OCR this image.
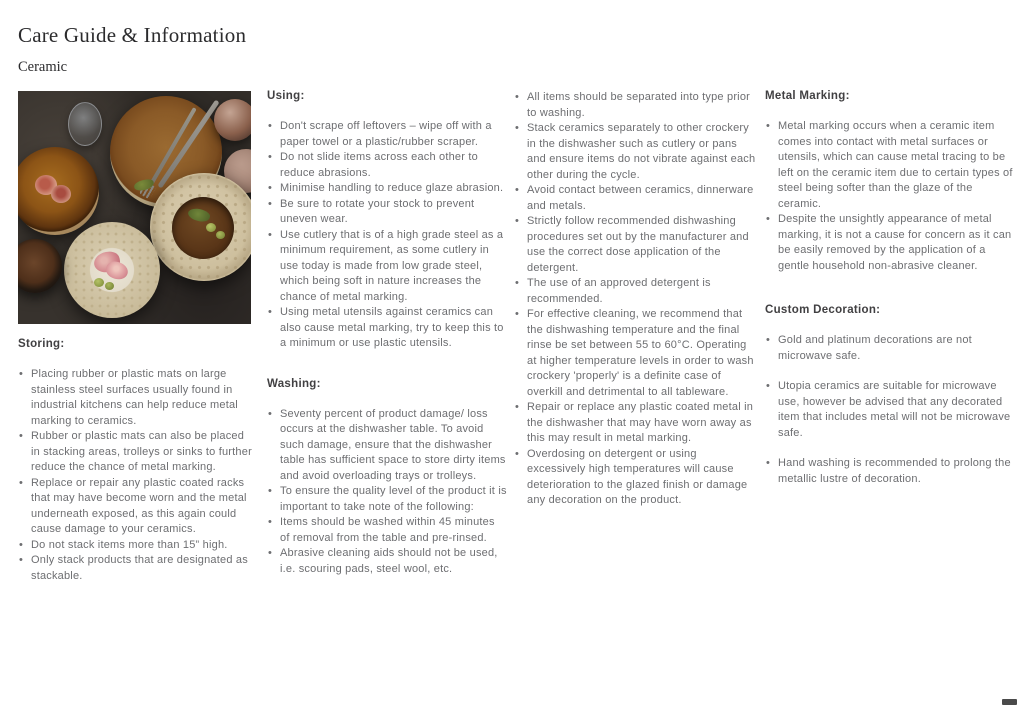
Care Guide & Information
Ceramic
Storing:
• Placing rubber or plastic mats on large stainless steel surfaces usually found in industrial kitchens can help reduce metal marking to ceramics.
• Rubber or plastic mats can also be placed in stacking areas, trolleys or sinks to further reduce the chance of metal marking.
• Replace or repair any plastic coated racks that may have become worn and the metal underneath exposed, as this again could cause damage to your ceramics.
• Do not stack items more than 15” high.
• Only stack products that are designated as stackable.
Using:
• Don't scrape off leftovers – wipe off with a paper towel or a plastic/rubber scraper.
• Do not slide items across each other to reduce abrasions.
• Minimise handling to reduce glaze abrasion.
• Be sure to rotate your stock to prevent uneven wear.
• Use cutlery that is of a high grade steel as a minimum requirement, as some cutlery in use today is made from low grade steel, which being soft in nature increases the chance of metal marking.
• Using metal utensils against ceramics can also cause metal marking, try to keep this to a minimum or use plastic utensils.
Washing:
• Seventy percent of product damage/ loss occurs at the dishwasher table. To avoid such damage, ensure that the dishwasher table has sufficient space to store dirty items and avoid overloading trays or trolleys.
• To ensure the quality level of the product it is important to take note of the following:
• Items should be washed within 45 minutes of removal from the table and pre-rinsed.
• Abrasive cleaning aids should not be used, i.e. scouring pads, steel wool, etc.
• All items should be separated into type prior to washing.
• Stack ceramics separately to other crockery in the dishwasher such as cutlery or pans and ensure items do not vibrate against each other during the cycle.
• Avoid contact between ceramics, dinnerware and metals.
• Strictly follow recommended dishwashing procedures set out by the manufacturer and use the correct dose application of the detergent.
• The use of an approved detergent is recommended.
• For effective cleaning, we recommend that the dishwashing temperature and the final rinse be set between 55 to 60°C. Operating at higher temperature levels in order to wash crockery 'properly' is a definite case of overkill and detrimental to all tableware.
• Repair or replace any plastic coated metal in the dishwasher that may have worn away as this may result in metal marking.
• Overdosing on detergent or using excessively high temperatures will cause deterioration to the glazed finish or damage any decoration on the product.
Metal Marking:
• Metal marking occurs when a ceramic item comes into contact with metal surfaces or utensils, which can cause metal tracing to be left on the ceramic item due to certain types of steel being softer than the glaze of the ceramic.
• Despite the unsightly appearance of metal marking, it is not a cause for concern as it can be easily removed by the application of a gentle household non-abrasive cleaner.
Custom Decoration:
• Gold and platinum decorations are not microwave safe.
• Utopia ceramics are suitable for microwave use, however be advised that any decorated item that includes metal will not be microwave safe.
• Hand washing is recommended to prolong the metallic lustre of decoration.
